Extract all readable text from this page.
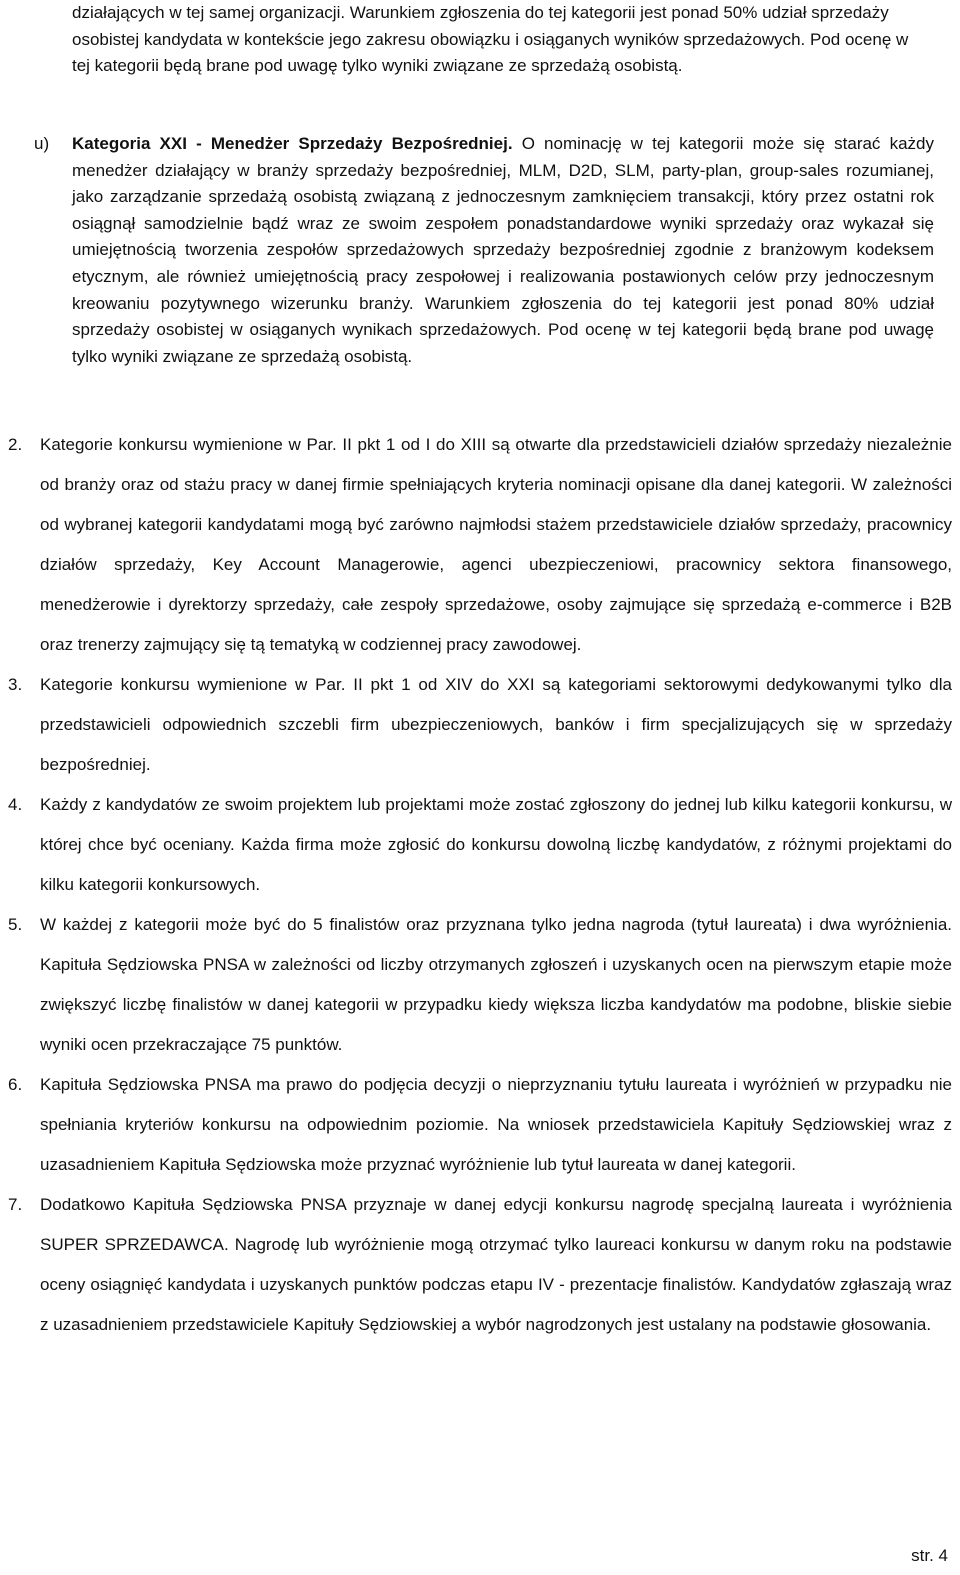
działających w tej samej organizacji. Warunkiem zgłoszenia do tej kategorii jest ponad 50% udział sprzedaży osobistej kandydata w kontekście jego zakresu obowiązku i osiąganych wyników sprzedażowych. Pod ocenę w tej kategorii będą brane pod uwagę tylko wyniki związane ze sprzedażą osobistą.

u) Kategoria XXI - Menedżer Sprzedaży Bezpośredniej. O nominację w tej kategorii może się starać każdy menedżer działający w branży sprzedaży bezpośredniej, MLM, D2D, SLM, party-plan, group-sales rozumianej, jako zarządzanie sprzedażą osobistą związaną z jednoczesnym zamknięciem transakcji, który przez ostatni rok osiągnął samodzielnie bądź wraz ze swoim zespołem ponadstandardowe wyniki sprzedaży oraz wykazał się umiejętnością tworzenia zespołów sprzedażowych sprzedaży bezpośredniej zgodnie z branżowym kodeksem etycznym, ale również umiejętnością pracy zespołowej i realizowania postawionych celów przy jednoczesnym kreowaniu pozytywnego wizerunku branży. Warunkiem zgłoszenia do tej kategorii jest ponad 80% udział sprzedaży osobistej w osiąganych wynikach sprzedażowych. Pod ocenę w tej kategorii będą brane pod uwagę tylko wyniki związane ze sprzedażą osobistą.

2. Kategorie konkursu wymienione w Par. II pkt 1 od I do XIII są otwarte dla przedstawicieli działów sprzedaży niezależnie od branży oraz od stażu pracy w danej firmie spełniających kryteria nominacji opisane dla danej kategorii. W zależności od wybranej kategorii kandydatami mogą być zarówno najmłodsi stażem przedstawiciele działów sprzedaży, pracownicy działów sprzedaży, Key Account Managerowie, agenci ubezpieczeniowi, pracownicy sektora finansowego, menedżerowie i dyrektorzy sprzedaży, całe zespoły sprzedażowe, osoby zajmujące się sprzedażą e-commerce i B2B oraz trenerzy zajmujący się tą tematyką w codziennej pracy zawodowej.

3. Kategorie konkursu wymienione w Par. II pkt 1 od XIV do XXI są kategoriami sektorowymi dedykowanymi tylko dla przedstawicieli odpowiednich szczebli firm ubezpieczeniowych, banków i firm specjalizujących się w sprzedaży bezpośredniej.

4. Każdy z kandydatów ze swoim projektem lub projektami może zostać zgłoszony do jednej lub kilku kategorii konkursu, w której chce być oceniany. Każda firma może zgłosić do konkursu dowolną liczbę kandydatów, z różnymi projektami do kilku kategorii konkursowych.

5. W każdej z kategorii może być do 5 finalistów oraz przyznana tylko jedna nagroda (tytuł laureata) i dwa wyróżnienia. Kapituła Sędziowska PNSA w zależności od liczby otrzymanych zgłoszeń i uzyskanych ocen na pierwszym etapie może zwiększyć liczbę finalistów w danej kategorii w przypadku kiedy większa liczba kandydatów ma podobne, bliskie siebie wyniki ocen przekraczające 75 punktów.

6. Kapituła Sędziowska PNSA ma prawo do podjęcia decyzji o nieprzyznaniu tytułu laureata i wyróżnień w przypadku nie spełniania kryteriów konkursu na odpowiednim poziomie. Na wniosek przedstawiciela Kapituły Sędziowskiej wraz z uzasadnieniem Kapituła Sędziowska może przyznać wyróżnienie lub tytuł laureata w danej kategorii.

7. Dodatkowo Kapituła Sędziowska PNSA przyznaje w danej edycji konkursu nagrodę specjalną laureata i wyróżnienia SUPER SPRZEDAWCA. Nagrodę lub wyróżnienie mogą otrzymać tylko laureaci konkursu w danym roku na podstawie oceny osiągnięć kandydata i uzyskanych punktów podczas etapu IV - prezentacje finalistów. Kandydatów zgłaszają wraz z uzasadnieniem przedstawiciele Kapituły Sędziowskiej a wybór nagrodzonych jest ustalany na podstawie głosowania.

str. 4
